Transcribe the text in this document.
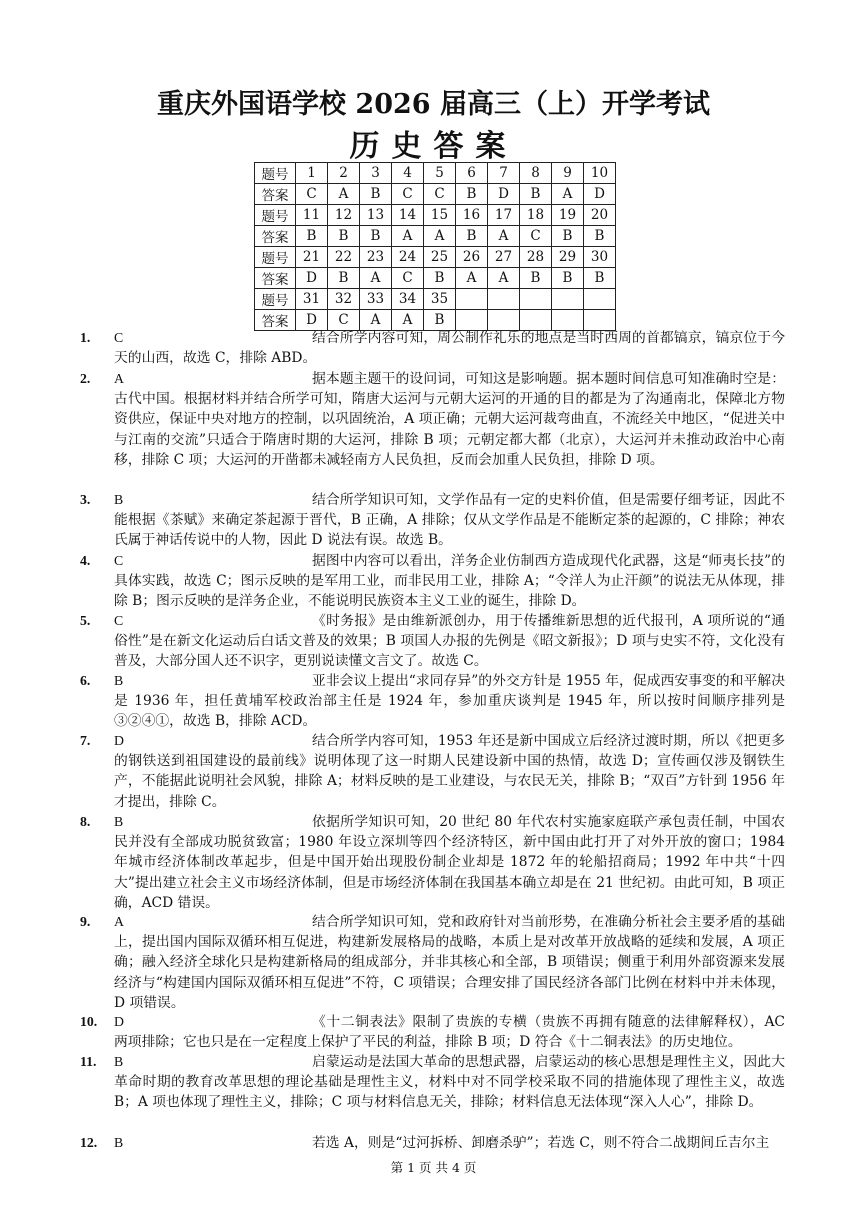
重庆外国语学校 2026 届高三（上）开学考试
历史答案
题号	1	2	3	4	5	6	7	8	9	10
答案	C	A	B	C	C	B	D	B	A	D
题号	11	12	13	14	15	16	17	18	19	20
答案	B	B	B	A	A	B	A	C	B	B
题号	21	22	23	24	25	26	27	28	29	30
答案	D	B	A	C	B	A	A	B	B	B
题号	31	32	33	34	35					
答案	D	C	A	A	B					
1. C	结合所学内容可知，周公制作礼乐的地点是当时西周的首都镐京，镐京位于今天的山西，故选 C，排除 ABD。
2. A	据本题主题干的设问词，可知这是影响题。据本题时间信息可知准确时空是：古代中国。根据材料并结合所学可知，隋唐大运河与元朝大运河的开通的目的都是为了沟通南北，保障北方物资供应，保证中央对地方的控制，以巩固统治，A 项正确；元朝大运河裁弯曲直，不流经关中地区，“促进关中与江南的交流”只适合于隋唐时期的大运河，排除 B 项；元朝定都大都（北京），大运河并未推动政治中心南移，排除 C 项；大运河的开凿都未减轻南方人民负担，反而会加重人民负担，排除 D 项。
3. B	结合所学知识可知，文学作品有一定的史料价值，但是需要仔细考证，因此不能根据《茶赋》来确定茶起源于晋代，B 正确，A 排除；仅从文学作品是不能断定茶的起源的，C 排除；神农氏属于神话传说中的人物，因此 D 说法有误。故选 B。
4. C	据图中内容可以看出，洋务企业仿制西方造成现代化武器，这是“师夷长技”的具体实践，故选 C；图示反映的是军用工业，而非民用工业，排除 A；“令洋人为止汗颜”的说法无从体现，排除 B；图示反映的是洋务企业，不能说明民族资本主义工业的诞生，排除 D。
5. C	《时务报》是由维新派创办，用于传播维新思想的近代报刊，A 项所说的“通俗性”是在新文化运动后白话文普及的效果；B 项国人办报的先例是《昭文新报》；D 项与史实不符，文化没有普及，大部分国人还不识字，更别说读懂文言文了。故选 C。
6. B	亚非会议上提出“求同存异”的外交方针是 1955 年，促成西安事变的和平解决是 1936 年，担任黄埔军校政治部主任是 1924 年，参加重庆谈判是 1945 年，所以按时间顺序排列是③②④①，故选 B，排除 ACD。
7. D	结合所学内容可知，1953 年还是新中国成立后经济过渡时期，所以《把更多的钢铁送到祖国建设的最前线》说明体现了这一时期人民建设新中国的热情，故选 D；宣传画仅涉及钢铁生产，不能据此说明社会风貌，排除 A；材料反映的是工业建设，与农民无关，排除 B；“双百”方针到 1956 年才提出，排除 C。
8. B	依据所学知识可知，20 世纪 80 年代农村实施家庭联产承包责任制，中国农民并没有全部成功脱贫致富；1980 年设立深圳等四个经济特区，新中国由此打开了对外开放的窗口；1984 年城市经济体制改革起步，但是中国开始出现股份制企业却是 1872 年的轮船招商局；1992 年中共“十四大”提出建立社会主义市场经济体制，但是市场经济体制在我国基本确立却是在 21 世纪初。由此可知，B 项正确，ACD 错误。
9. A	结合所学知识可知，党和政府针对当前形势，在准确分析社会主要矛盾的基础上，提出国内国际双循环相互促进，构建新发展格局的战略，本质上是对改革开放战略的延续和发展，A 项正确；融入经济全球化只是构建新格局的组成部分，并非其核心和全部，B 项错误；侧重于利用外部资源来发展经济与“构建国内国际双循环相互促进”不符，C 项错误；合理安排了国民经济各部门比例在材料中并未体现，D 项错误。
10. D	《十二铜表法》限制了贵族的专横（贵族不再拥有随意的法律解释权），AC 两项排除；它也只是在一定程度上保护了平民的利益，排除 B 项；D 符合《十二铜表法》的历史地位。
11. B	启蒙运动是法国大革命的思想武器，启蒙运动的核心思想是理性主义，因此大革命时期的教育改革思想的理论基础是理性主义，材料中对不同学校采取不同的措施体现了理性主义，故选 B；A 项也体现了理性主义，排除；C 项与材料信息无关，排除；材料信息无法体现“深入人心”，排除 D。
12. B	若选 A，则是“过河拆桥、卸磨杀驴”；若选 C，则不符合二战期间丘吉尔主
第 1 页 共 4 页
